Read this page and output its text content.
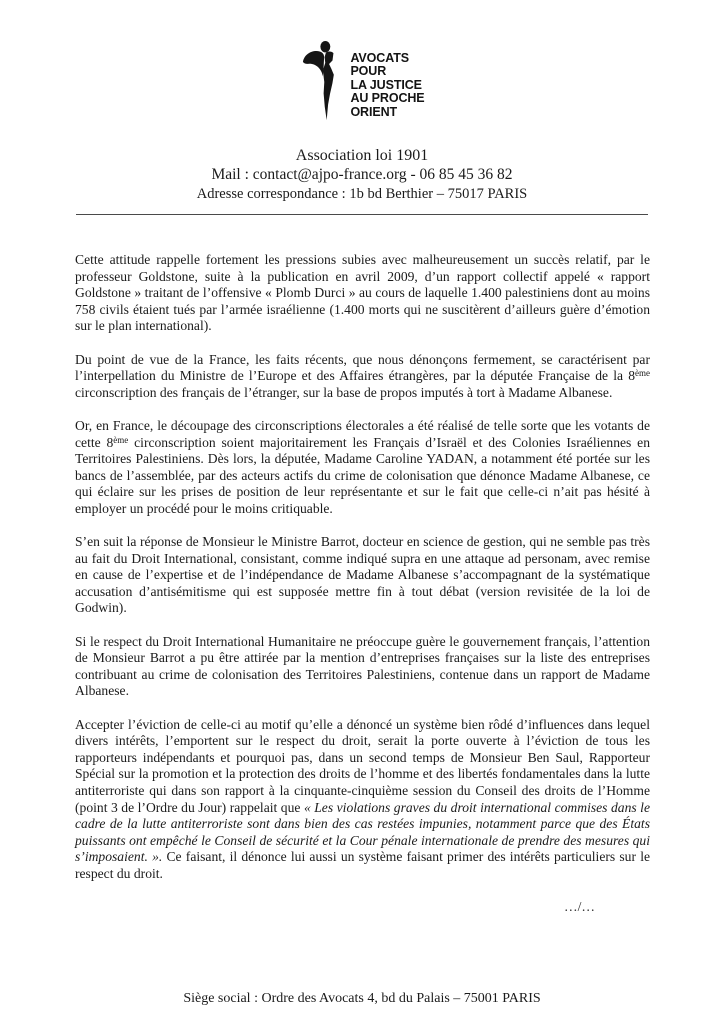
AVOCATS
POUR
LA JUSTICE
AU PROCHE
ORIENT
Association loi 1901
Mail : contact@ajpo-france.org - 06 85 45 36 82
Adresse correspondance : 1b bd Berthier – 75017 PARIS

Cette attitude rappelle fortement les pressions subies avec malheureusement un succès relatif, par le professeur Goldstone, suite à la publication en avril 2009, d’un rapport collectif appelé « rapport Goldstone » traitant de l’offensive « Plomb Durci » au cours de laquelle 1.400 palestiniens dont au moins 758 civils étaient tués par l’armée israélienne (1.400 morts qui ne suscitèrent d’ailleurs guère d’émotion sur le plan international).

Du point de vue de la France, les faits récents, que nous dénonçons fermement, se caractérisent par l’interpellation du Ministre de l’Europe et des Affaires étrangères, par la députée Française de la 8ème circonscription des français de l’étranger, sur la base de propos imputés à tort à Madame Albanese.

Or, en France, le découpage des circonscriptions électorales a été réalisé de telle sorte que les votants de cette 8ème circonscription soient majoritairement les Français d’Israël et des Colonies Israéliennes en Territoires Palestiniens. Dès lors, la députée, Madame Caroline YADAN, a notamment été portée sur les bancs de l’assemblée, par des acteurs actifs du crime de colonisation que dénonce Madame Albanese, ce qui éclaire sur les prises de position de leur représentante et sur le fait que celle-ci n’ait pas hésité à employer un procédé pour le moins critiquable.

S’en suit la réponse de Monsieur le Ministre Barrot, docteur en science de gestion, qui ne semble pas très au fait du Droit International, consistant, comme indiqué supra en une attaque ad personam, avec remise en cause de l’expertise et de l’indépendance de Madame Albanese s’accompagnant de la systématique accusation d’antisémitisme qui est supposée mettre fin à tout débat (version revisitée de la loi de Godwin).

Si le respect du Droit International Humanitaire ne préoccupe guère le gouvernement français, l’attention de Monsieur Barrot a pu être attirée par la mention d’entreprises françaises sur la liste des entreprises contribuant au crime de colonisation des Territoires Palestiniens, contenue dans un rapport de Madame Albanese.

Accepter l’éviction de celle-ci au motif qu’elle a dénoncé un système bien rôdé d’influences dans lequel divers intérêts, l’emportent sur le respect du droit, serait la porte ouverte à l’éviction de tous les rapporteurs indépendants et pourquoi pas, dans un second temps de Monsieur Ben Saul, Rapporteur Spécial sur la promotion et la protection des droits de l’homme et des libertés fondamentales dans la lutte antiterroriste qui dans son rapport à la cinquante-cinquième session du Conseil des droits de l’Homme (point 3 de l’Ordre du Jour) rappelait que « Les violations graves du droit international commises dans le cadre de la lutte antiterroriste sont dans bien des cas restées impunies, notamment parce que des États puissants ont empêché le Conseil de sécurité et la Cour pénale internationale de prendre des mesures qui s’imposaient. ». Ce faisant, il dénonce lui aussi un système faisant primer des intérêts particuliers sur le respect du droit.

…/…
Siège social : Ordre des Avocats 4, bd du Palais – 75001 PARIS
